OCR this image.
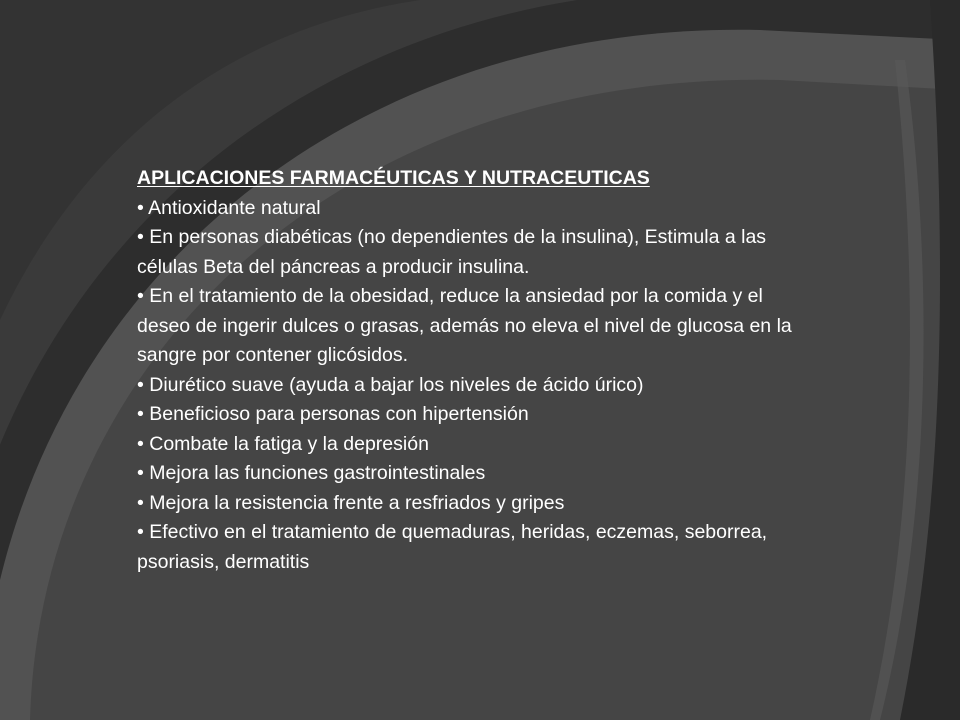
APLICACIONES FARMACÉUTICAS Y NUTRACEUTICAS
• Antioxidante natural
• En personas diabéticas (no dependientes de la insulina), Estimula a las células Beta del páncreas a producir insulina.
• En el tratamiento de la obesidad, reduce la ansiedad por la comida y el deseo de ingerir dulces o grasas, además no eleva el nivel de glucosa en la sangre por contener glicósidos.
• Diurético suave (ayuda a bajar los niveles de ácido úrico)
• Beneficioso para personas con hipertensión
• Combate la fatiga y la depresión
• Mejora las funciones gastrointestinales
• Mejora la resistencia frente a resfriados y gripes
• Efectivo en el tratamiento de quemaduras, heridas, eczemas, seborrea, psoriasis, dermatitis
